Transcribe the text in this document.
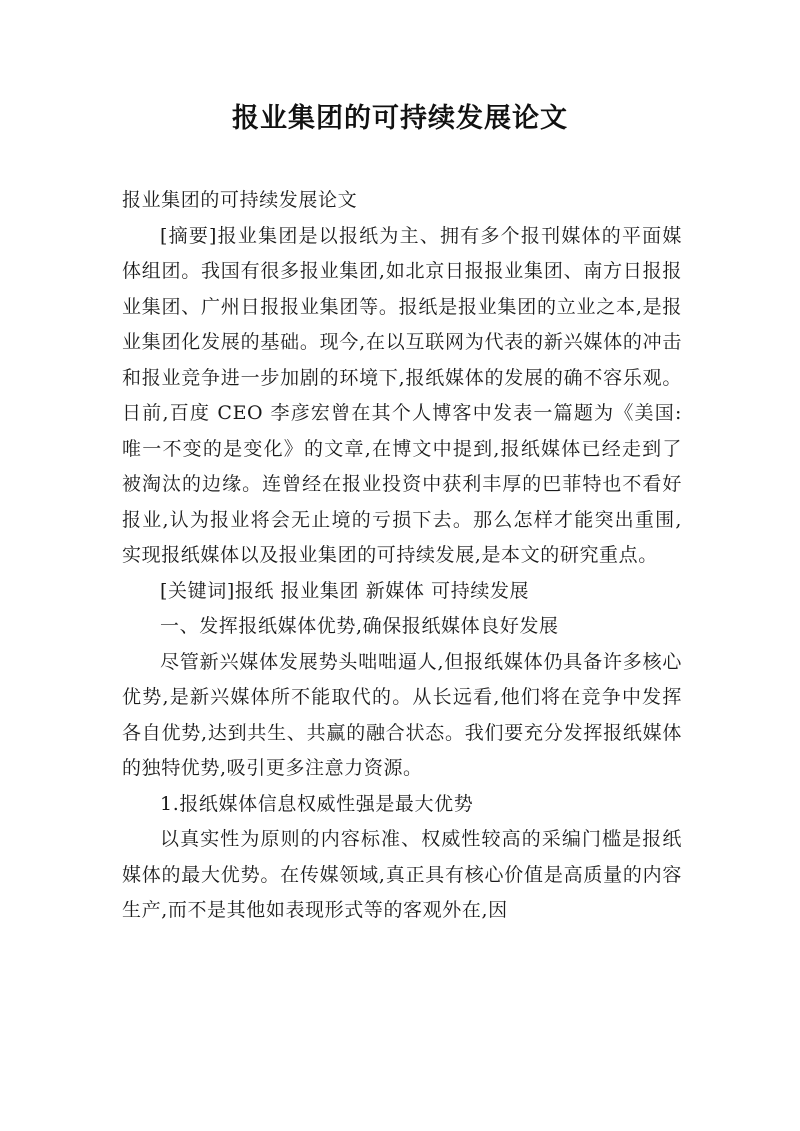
报业集团的可持续发展论文

报业集团的可持续发展论文

[摘要]报业集团是以报纸为主、拥有多个报刊媒体的平面媒体组团。我国有很多报业集团,如北京日报报业集团、南方日报报业集团、广州日报报业集团等。报纸是报业集团的立业之本,是报业集团化发展的基础。现今,在以互联网为代表的新兴媒体的冲击和报业竞争进一步加剧的环境下,报纸媒体的发展的确不容乐观。日前,百度 CEO 李彦宏曾在其个人博客中发表一篇题为《美国:唯一不变的是变化》的文章,在博文中提到,报纸媒体已经走到了被淘汰的边缘。连曾经在报业投资中获利丰厚的巴菲特也不看好报业,认为报业将会无止境的亏损下去。那么怎样才能突出重围,实现报纸媒体以及报业集团的可持续发展,是本文的研究重点。

[关键词]报纸 报业集团 新媒体 可持续发展

一、发挥报纸媒体优势,确保报纸媒体良好发展

尽管新兴媒体发展势头咄咄逼人,但报纸媒体仍具备许多核心优势,是新兴媒体所不能取代的。从长远看,他们将在竞争中发挥各自优势,达到共生、共赢的融合状态。我们要充分发挥报纸媒体的独特优势,吸引更多注意力资源。

1.报纸媒体信息权威性强是最大优势

以真实性为原则的内容标准、权威性较高的采编门槛是报纸媒体的最大优势。在传媒领域,真正具有核心价值是高质量的内容生产,而不是其他如表现形式等的客观外在,因
